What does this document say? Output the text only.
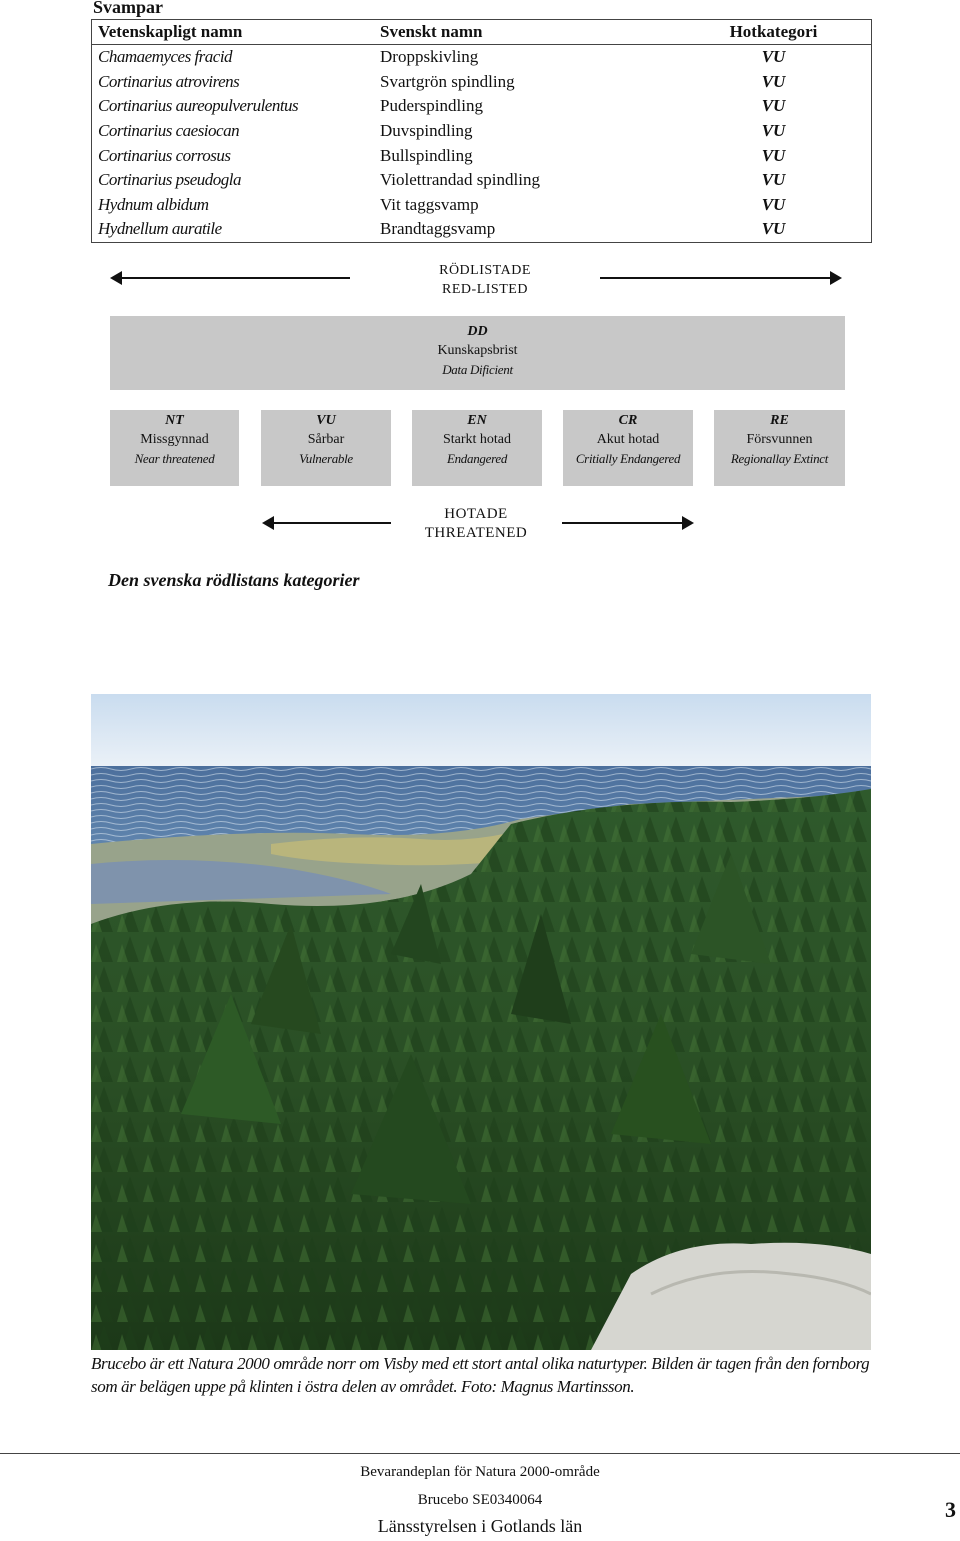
Svampar
Vetenskapligt namn	Svenskt namn	Hotkategori
Chamaemyces fracid	Droppskivling	VU
Cortinarius atrovirens	Svartgrön spindling	VU
Cortinarius aureopulverulentus	Puderspindling	VU
Cortinarius caesiocan	Duvspindling	VU
Cortinarius corrosus	Bullspindling	VU
Cortinarius pseudogla	Violettrandad spindling	VU
Hydnum albidum	Vit taggsvamp	VU
Hydnellum auratile	Brandtaggsvamp	VU
RÖDLISTADE
RED-LISTED
DD
Kunskapsbrist
Data Dificient
NT
Missgynnad
Near threatened
VU
Sårbar
Vulnerable
EN
Starkt hotad
Endangered
CR
Akut hotad
Critially Endangered
RE
Försvunnen
Regionallay Extinct
HOTADE
THREATENED
Den svenska rödlistans kategorier
Brucebo är ett Natura 2000 område norr om Visby med ett stort antal olika naturtyper. Bilden är tagen från den fornborg som är belägen uppe på klinten i östra delen av området. Foto: Magnus Martinsson.
Bevarandeplan för Natura 2000-område
Brucebo SE0340064
Länsstyrelsen i Gotlands län
3
